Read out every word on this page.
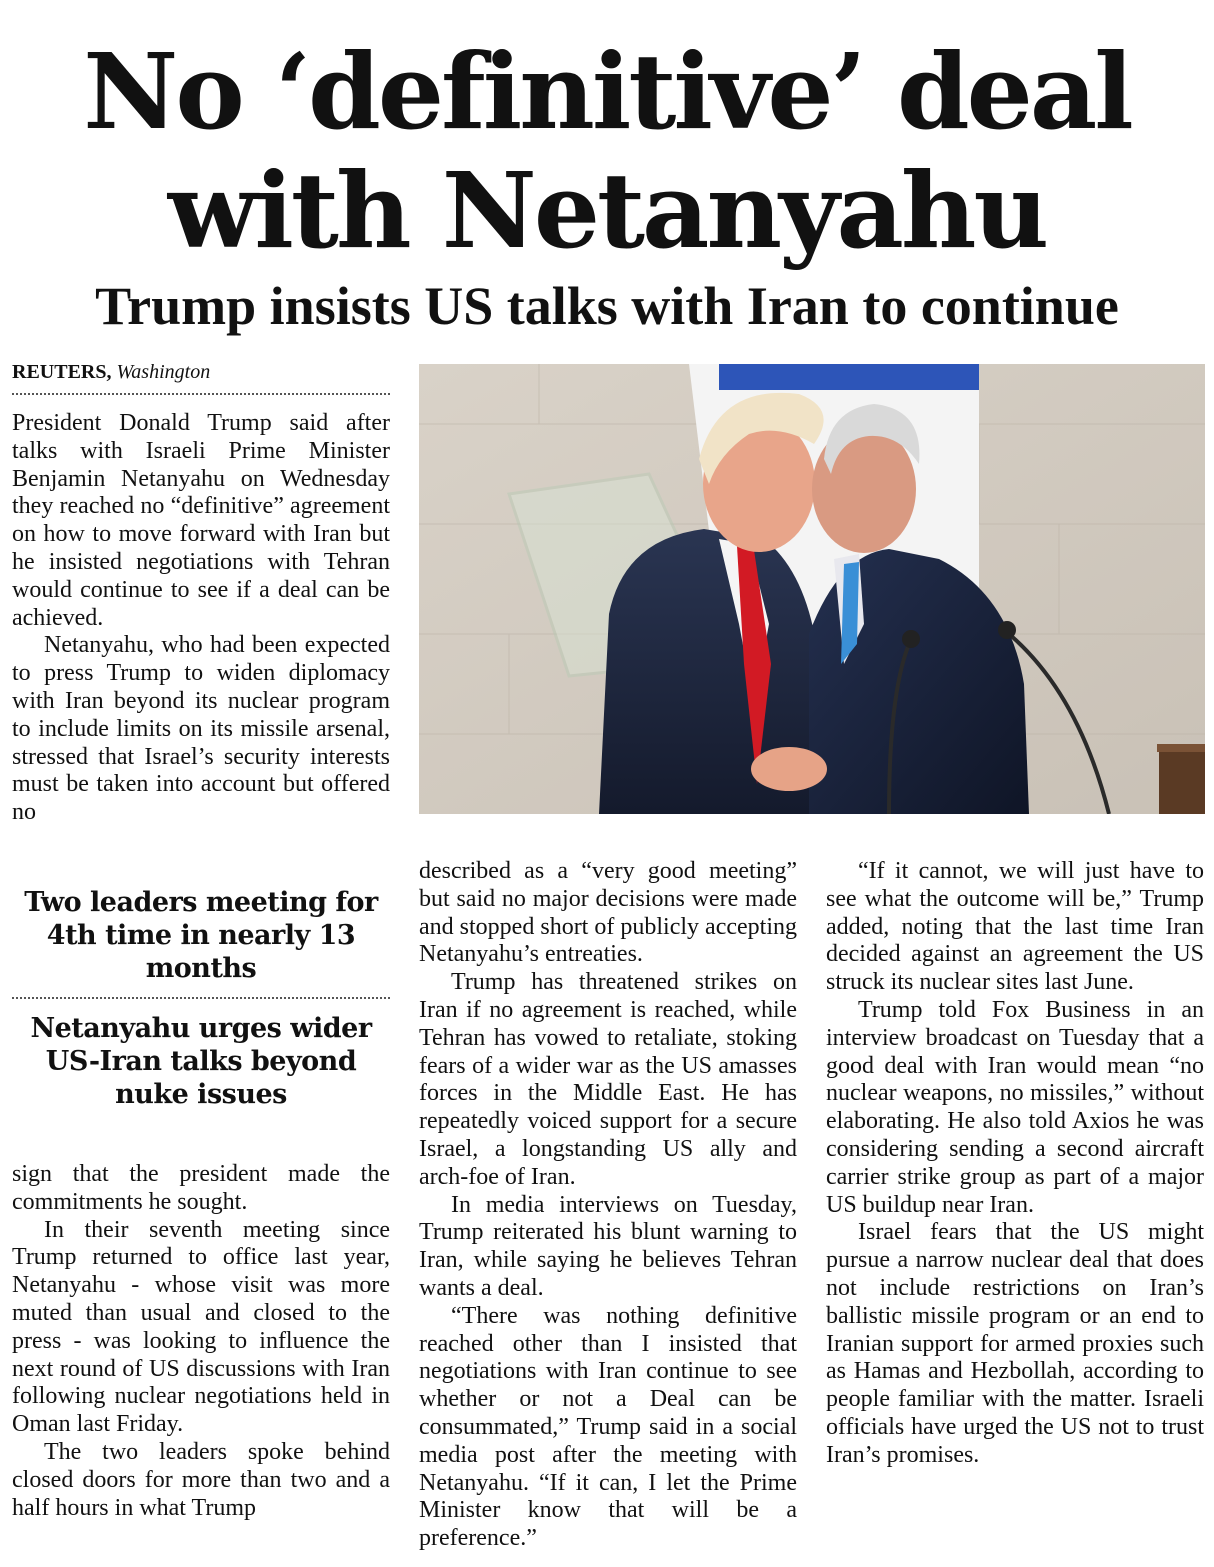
No ‘definitive’ deal
with Netanyahu
Trump insists US talks with Iran to continue
REUTERS, Washington

President Donald Trump said after talks with Israeli Prime Minister Benjamin Netanyahu on Wednesday they reached no “definitive” agreement on how to move forward with Iran but he insisted negotiations with Tehran would continue to see if a deal can be achieved.

Netanyahu, who had been expected to press Trump to widen diplomacy with Iran beyond its nuclear program to include limits on its missile arsenal, stressed that Israel’s security interests must be taken into account but offered no

Two leaders meeting for 4th time in nearly 13 months
Netanyahu urges wider US-Iran talks beyond nuke issues

sign that the president made the commitments he sought.

In their seventh meeting since Trump returned to office last year, Netanyahu - whose visit was more muted than usual and closed to the press - was looking to influence the next round of US discussions with Iran following nuclear negotiations held in Oman last Friday.

The two leaders spoke behind closed doors for more than two and a half hours in what Trump

described as a “very good meeting” but said no major decisions were made and stopped short of publicly accepting Netanyahu’s entreaties.

Trump has threatened strikes on Iran if no agreement is reached, while Tehran has vowed to retaliate, stoking fears of a wider war as the US amasses forces in the Middle East. He has repeatedly voiced support for a secure Israel, a longstanding US ally and arch-foe of Iran.

In media interviews on Tuesday, Trump reiterated his blunt warning to Iran, while saying he believes Tehran wants a deal.

“There was nothing definitive reached other than I insisted that negotiations with Iran continue to see whether or not a Deal can be consummated,” Trump said in a social media post after the meeting with Netanyahu. “If it can, I let the Prime Minister know that will be a preference.”

“If it cannot, we will just have to see what the outcome will be,” Trump added, noting that the last time Iran decided against an agreement the US struck its nuclear sites last June.

Trump told Fox Business in an interview broadcast on Tuesday that a good deal with Iran would mean “no nuclear weapons, no missiles,” without elaborating. He also told Axios he was considering sending a second aircraft carrier strike group as part of a major US buildup near Iran.

Israel fears that the US might pursue a narrow nuclear deal that does not include restrictions on Iran’s ballistic missile program or an end to Iranian support for armed proxies such as Hamas and Hezbollah, according to people familiar with the matter. Israeli officials have urged the US not to trust Iran’s promises.
